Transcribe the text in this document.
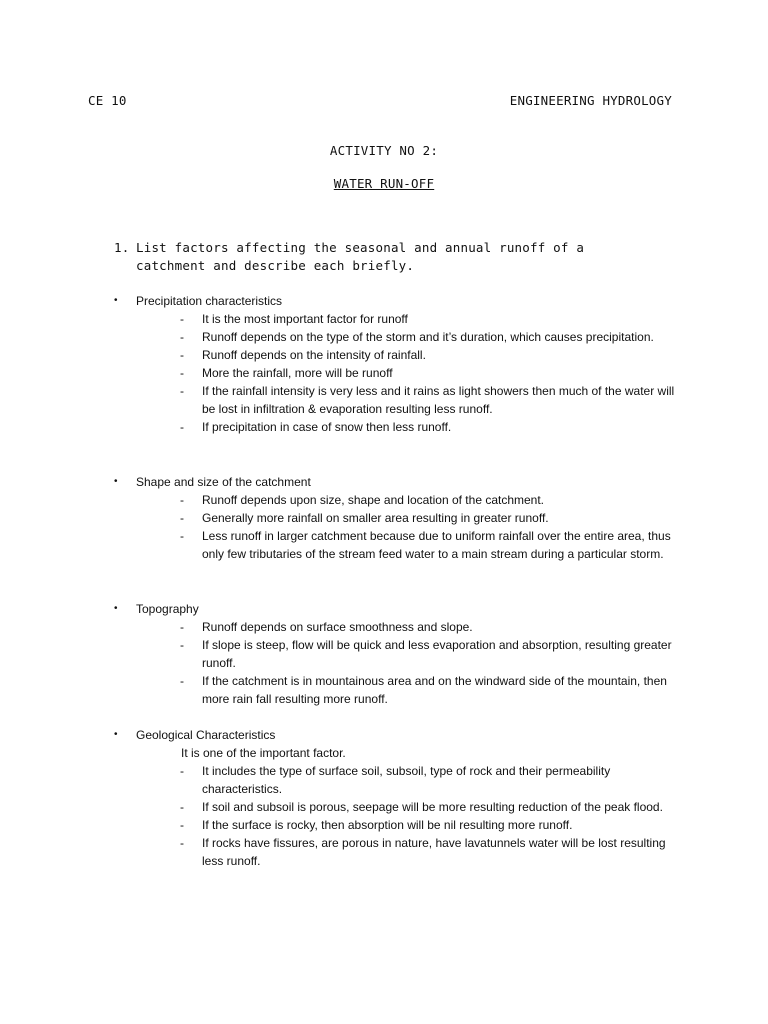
CE 10	ENGINEERING HYDROLOGY
ACTIVITY NO 2:
WATER RUN-OFF
1. List factors affecting the seasonal and annual runoff of a catchment and describe each briefly.
•	Precipitation characteristics
-	It is the most important factor for runoff
-	Runoff depends on the type of the storm and it’s duration, which causes precipitation.
-	Runoff depends on the intensity of rainfall.
-	More the rainfall, more will be runoff
-	If the rainfall intensity is very less and it rains as light showers then much of the water will be lost in infiltration & evaporation resulting less runoff.
-	If precipitation in case of snow then less runoff.
•	Shape and size of the catchment
-	Runoff depends upon size, shape and location of the catchment.
-	Generally more rainfall on smaller area resulting in greater runoff.
-	Less runoff in larger catchment because due to uniform rainfall over the entire area, thus only few tributaries of the stream feed water to a main stream during a particular storm.
•	Topography
-	Runoff depends on surface smoothness and slope.
-	If slope is steep, flow will be quick and less evaporation and absorption, resulting greater runoff.
-	If the catchment is in mountainous area and on the windward side of the mountain, then more rain fall resulting more runoff.
•	Geological Characteristics
It is one of the important factor.
-	It includes the type of surface soil, subsoil, type of rock and their permeability characteristics.
-	If soil and subsoil is porous, seepage will be more resulting reduction of the peak flood.
-	If the surface is rocky, then absorption will be nil resulting more runoff.
-	If rocks have fissures, are porous in nature, have lavatunnels water will be lost resulting less runoff.
